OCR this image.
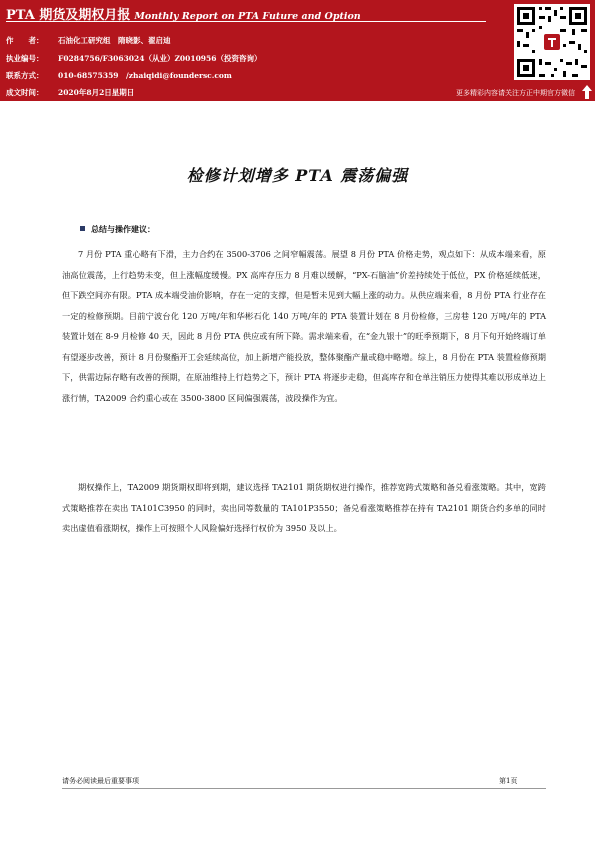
PTA 期货及期权月报 Monthly Report on PTA Future and Option
作　　者： 石油化工研究组　隋晓影、翟启迪
执业编号： F0284756/F3063024（从业）Z0010956（投资咨询）
联系方式： 010-68575359　/zhaiqidi@foundersc.com
成文时间： 2020年8月2日星期日	更多精彩内容请关注方正中期官方微信
检修计划增多 PTA 震荡偏强
总结与操作建议：

7 月份 PTA 重心略有下滑，主力合约在 3500-3706 之间窄幅震荡。展望 8 月份 PTA 价格走势，观点如下：从成本端来看，原油高位震荡，上行趋势未变，但上涨幅度缓慢。PX 高库存压力 8 月难以缓解，“PX-石脑油”价差持续处于低位，PX 价格延续低迷，但下跌空间亦有限。PTA 成本端受油价影响，存在一定的支撑，但是暂未见到大幅上涨的动力。从供应端来看，8 月份 PTA 行业存在一定的检修预期。目前宁波台化 120 万吨/年和华彬石化 140 万吨/年的 PTA 装置计划在 8 月份检修，三房巷 120 万吨/年的 PTA 装置计划在 8-9 月检修 40 天，因此 8 月份 PTA 供应或有所下降。需求端来看，在“金九银十”的旺季预期下，8 月下旬开始终端订单有望逐步改善，预计 8 月份聚酯开工会延续高位，加上新增产能投放，整体聚酯产量或稳中略增。综上，8 月份在 PTA 装置检修预期下，供需边际存略有改善的预期，在原油维持上行趋势之下，预计 PTA 将逐步走稳，但高库存和仓单注销压力使得其难以形成单边上涨行情，TA2009 合约重心或在 3500-3800 区间偏强震荡，波段操作为宜。

期权操作上，TA2009 期货期权即将到期，建议选择 TA2101 期货期权进行操作，推荐宽跨式策略和备兑看涨策略。其中，宽跨式策略推荐在卖出 TA101C3950 的同时，卖出同等数量的 TA101P3550；备兑看涨策略推荐在持有 TA2101 期货合约多单的同时卖出虚值看涨期权，操作上可按照个人风险偏好选择行权价为 3950 及以上。

请务必阅读最后重要事项	第1页
